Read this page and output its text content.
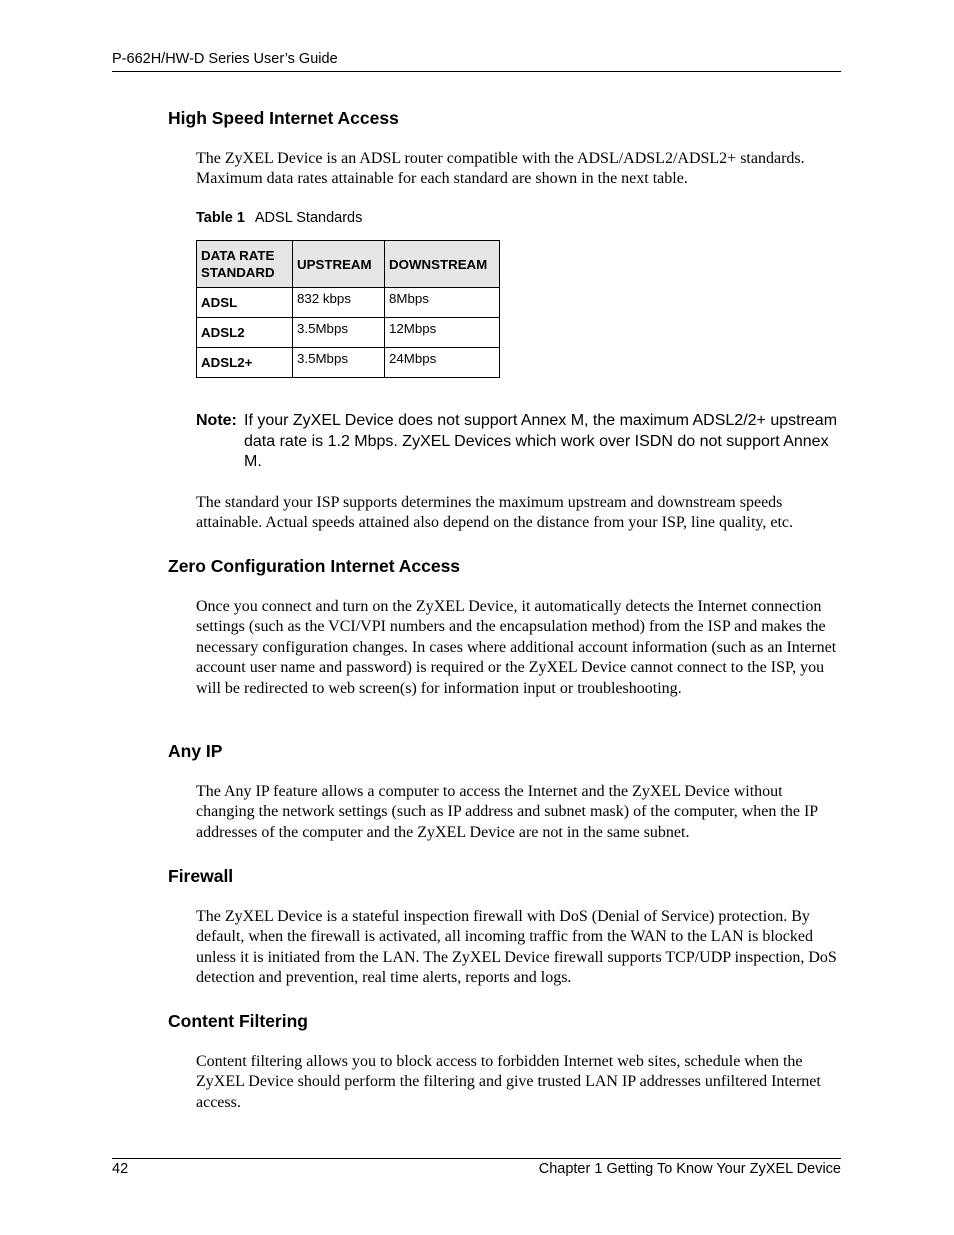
P-662H/HW-D Series User’s Guide
High Speed Internet Access

The ZyXEL Device is an ADSL router compatible with the ADSL/ADSL2/ADSL2+ standards. Maximum data rates attainable for each standard are shown in the next table.

Table 1 ADSL Standards
DATA RATE STANDARD	UPSTREAM	DOWNSTREAM
ADSL	832 kbps	8Mbps
ADSL2	3.5Mbps	12Mbps
ADSL2+	3.5Mbps	24Mbps
Note: If your ZyXEL Device does not support Annex M, the maximum ADSL2/2+ upstream data rate is 1.2 Mbps. ZyXEL Devices which work over ISDN do not support Annex M.

The standard your ISP supports determines the maximum upstream and downstream speeds attainable. Actual speeds attained also depend on the distance from your ISP, line quality, etc.

Zero Configuration Internet Access

Once you connect and turn on the ZyXEL Device, it automatically detects the Internet connection settings (such as the VCI/VPI numbers and the encapsulation method) from the ISP and makes the necessary configuration changes. In cases where additional account information (such as an Internet account user name and password) is required or the ZyXEL Device cannot connect to the ISP, you will be redirected to web screen(s) for information input or troubleshooting.

Any IP

The Any IP feature allows a computer to access the Internet and the ZyXEL Device without changing the network settings (such as IP address and subnet mask) of the computer, when the IP addresses of the computer and the ZyXEL Device are not in the same subnet.

Firewall

The ZyXEL Device is a stateful inspection firewall with DoS (Denial of Service) protection. By default, when the firewall is activated, all incoming traffic from the WAN to the LAN is blocked unless it is initiated from the LAN. The ZyXEL Device firewall supports TCP/UDP inspection, DoS detection and prevention, real time alerts, reports and logs.

Content Filtering

Content filtering allows you to block access to forbidden Internet web sites, schedule when the ZyXEL Device should perform the filtering and give trusted LAN IP addresses unfiltered Internet access.

42	Chapter 1 Getting To Know Your ZyXEL Device
